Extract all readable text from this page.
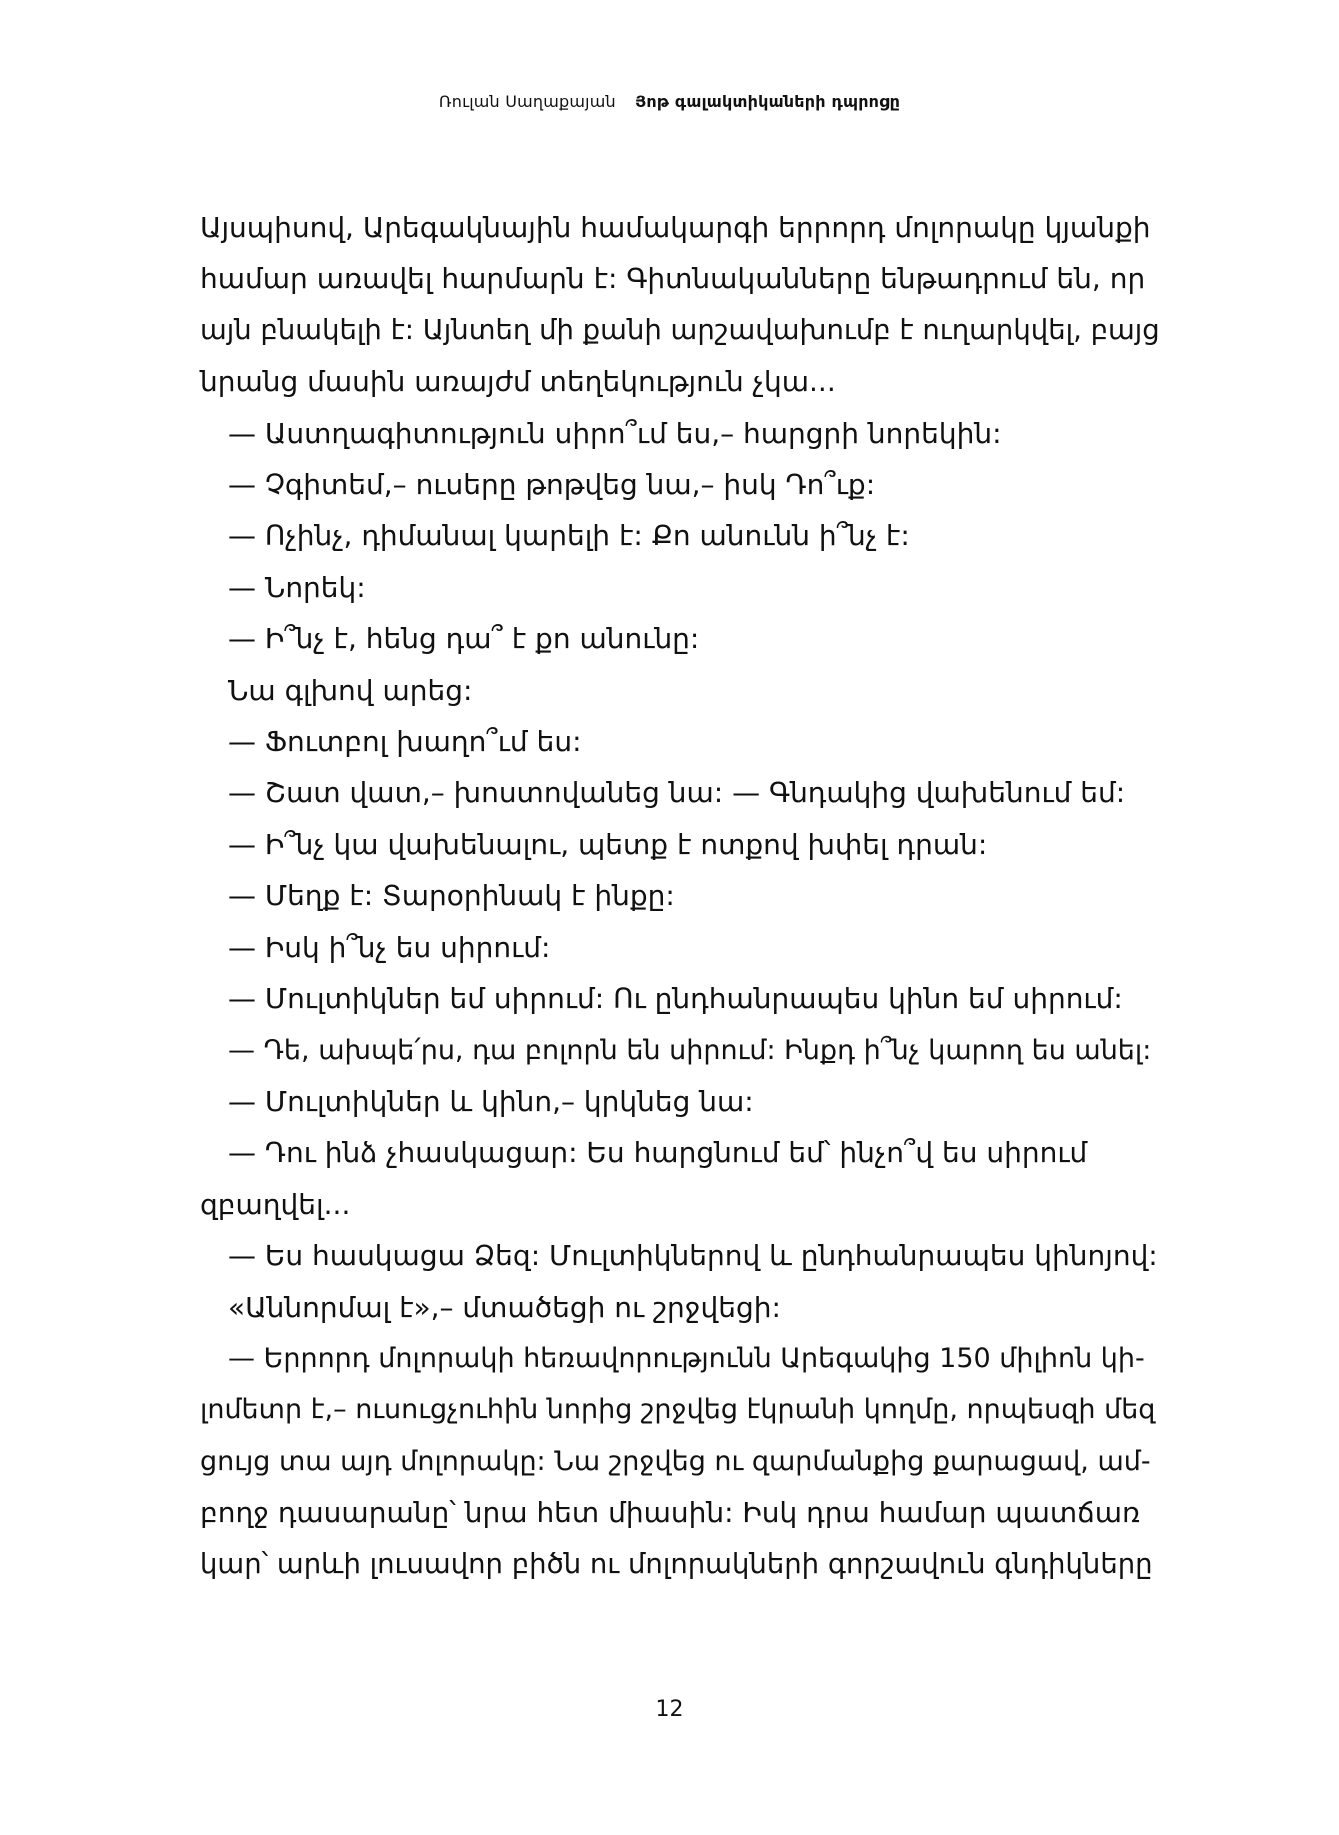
Ռուլան Սաղաքայան Յոթ գալակտիկաների դպրոցը
Այսպիսով, Արեգակնային համակարգի երրորդ մոլորակը կյանքի
համար առավել հարմարն է: Գիտնականները ենթադրում են, որ
այն բնակելի է: Այնտեղ մի քանի արշավախումբ է ուղարկվել, բայց
նրանց մասին առայժմ տեղեկություն չկա...
— Աստղագիտություն սիրո՞ւմ ես,– հարցրի նորեկին:
— Չգիտեմ,– ուսերը թոթվեց նա,– իսկ Դո՞ւք:
— Ոչինչ, դիմանալ կարելի է: Քո անունն ի՞նչ է:
— Նորեկ:
— Ի՞նչ է, հենց դա՞ է քո անունը:
Նա գլխով արեց:
— Ֆուտբոլ խաղո՞ւմ ես:
— Շատ վատ,– խոստովանեց նա: — Գնդակից վախենում եմ:
— Ի՞նչ կա վախենալու, պետք է ոտքով խփել դրան:
— Մեղք է: Տարօրինակ է ինքը:
— Իսկ ի՞նչ ես սիրում:
— Մուլտիկներ եմ սիրում: Ու ընդհանրապես կինո եմ սիրում:
— Դե, ախպե՛րս, դա բոլորն են սիրում: Ինքդ ի՞նչ կարող ես անել:
— Մուլտիկներ և կինո,– կրկնեց նա:
— Դու ինձ չհասկացար: Ես հարցնում եմ՝ ինչո՞վ ես սիրում
զբաղվել...
— Ես հասկացա Ձեզ: Մուլտիկներով և ընդհանրապես կինոյով:
«Աննորմալ է»,– մտածեցի ու շրջվեցի:
— Երրորդ մոլորակի հեռավորությունն Արեգակից 150 միլիոն կի-
լոմետր է,– ուսուցչուհին նորից շրջվեց էկրանի կողմը, որպեսզի մեզ
ցույց տա այդ մոլորակը: Նա շրջվեց ու զարմանքից քարացավ, ամ-
բողջ դասարանը՝ նրա հետ միասին: Իսկ դրա համար պատճառ
կար՝ արևի լուսավոր բիծն ու մոլորակների գորշավուն գնդիկները
12
